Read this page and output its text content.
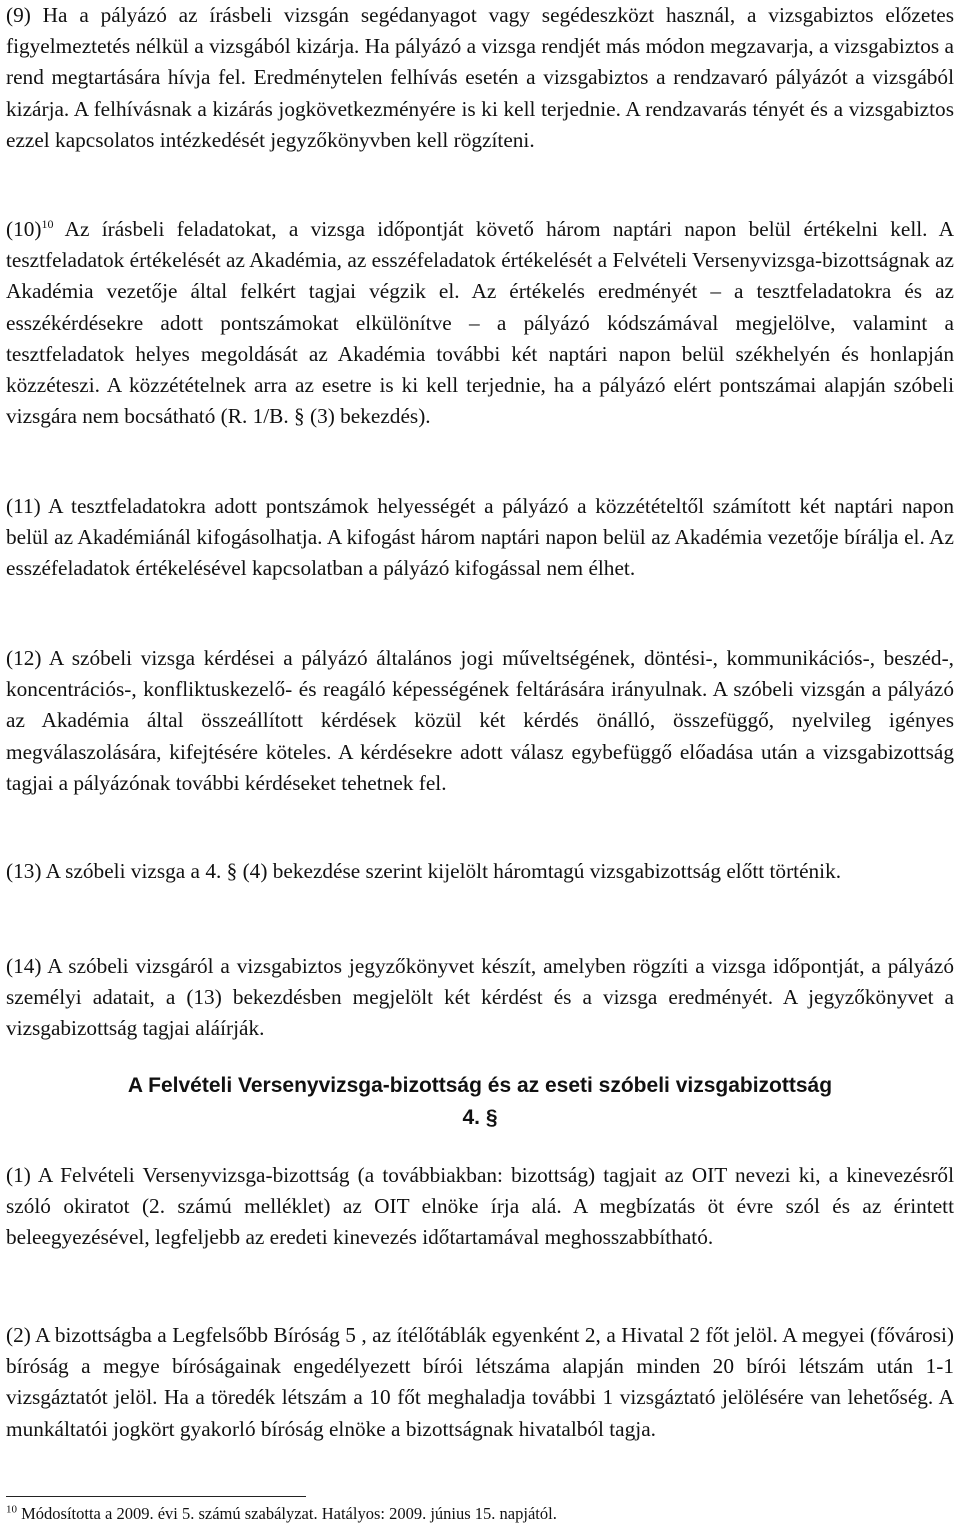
(9) Ha a pályázó az írásbeli vizsgán segédanyagot vagy segédeszközt használ, a vizsgabiztos előzetes figyelmeztetés nélkül a vizsgából kizárja. Ha pályázó a vizsga rendjét más módon megzavarja, a vizsgabiztos a rend megtartására hívja fel. Eredménytelen felhívás esetén a vizsgabiztos a rendzavaró pályázót a vizsgából kizárja. A felhívásnak a kizárás jogkövetkezményére is ki kell terjednie. A rendzavarás tényét és a vizsgabiztos ezzel kapcsolatos intézkedését jegyzőkönyvben kell rögzíteni.

(10)$^{10}$ Az írásbeli feladatokat, a vizsga időpontját követő három naptári napon belül értékelni kell. A tesztfeladatok értékelését az Akadémia, az esszéfeladatok értékelését a Felvételi Versenyvizsga-bizottságnak az Akadémia vezetője által felkért tagjai végzik el. Az értékelés eredményét – a tesztfeladatokra és az esszékérdésekre adott pontszámokat elkülönítve – a pályázó kódszámával megjelölve, valamint a tesztfeladatok helyes megoldását az Akadémia további két naptári napon belül székhelyén és honlapján közzéteszi. A közzétételnek arra az esetre is ki kell terjednie, ha a pályázó elért pontszámai alapján szóbeli vizsgára nem bocsátható (R. 1/B. § (3) bekezdés).

(11) A tesztfeladatokra adott pontszámok helyességét a pályázó a közzétételtől számított két naptári napon belül az Akadémiánál kifogásolhatja. A kifogást három naptári napon belül az Akadémia vezetője bírálja el. Az esszéfeladatok értékelésével kapcsolatban a pályázó kifogással nem élhet.

(12) A szóbeli vizsga kérdései a pályázó általános jogi műveltségének, döntési-, kommunikációs-, beszéd-, koncentrációs-, konfliktuskezelő- és reagáló képességének feltárására irányulnak. A szóbeli vizsgán a pályázó az Akadémia által összeállított kérdések közül két kérdés önálló, összefüggő, nyelvileg igényes megválaszolására, kifejtésére köteles. A kérdésekre adott válasz egybefüggő előadása után a vizsgabizottság tagjai a pályázónak további kérdéseket tehetnek fel.

(13) A szóbeli vizsga a 4. § (4) bekezdése szerint kijelölt háromtagú vizsgabizottság előtt történik.

(14) A szóbeli vizsgáról a vizsgabiztos jegyzőkönyvet készít, amelyben rögzíti a vizsga időpontját, a pályázó személyi adatait, a (13) bekezdésben megjelölt két kérdést és a vizsga eredményét. A jegyzőkönyvet a vizsgabizottság tagjai aláírják.

A Felvételi Versenyvizsga-bizottság és az eseti szóbeli vizsgabizottság

4. §

(1) A Felvételi Versenyvizsga-bizottság (a továbbiakban: bizottság) tagjait az OIT nevezi ki, a kinevezésről szóló okiratot (2. számú melléklet) az OIT elnöke írja alá. A megbízatás öt évre szól és az érintett beleegyezésével, legfeljebb az eredeti kinevezés időtartamával meghosszabbítható.

(2) A bizottságba a Legfelsőbb Bíróság 5 , az ítélőtáblák egyenként 2, a Hivatal 2 főt jelöl. A megyei (fővárosi) bíróság a megye bíróságainak engedélyezett bírói létszáma alapján minden 20 bírói létszám után 1-1 vizsgáztatót jelöl. Ha a töredék létszám a 10 főt meghaladja további 1 vizsgáztató jelölésére van lehetőség. A munkáltatói jogkört gyakorló bíróság elnöke a bizottságnak hivatalból tagja.

$^{10}$ Módosította a 2009. évi 5. számú szabályzat. Hatályos: 2009. június 15. napjától.
